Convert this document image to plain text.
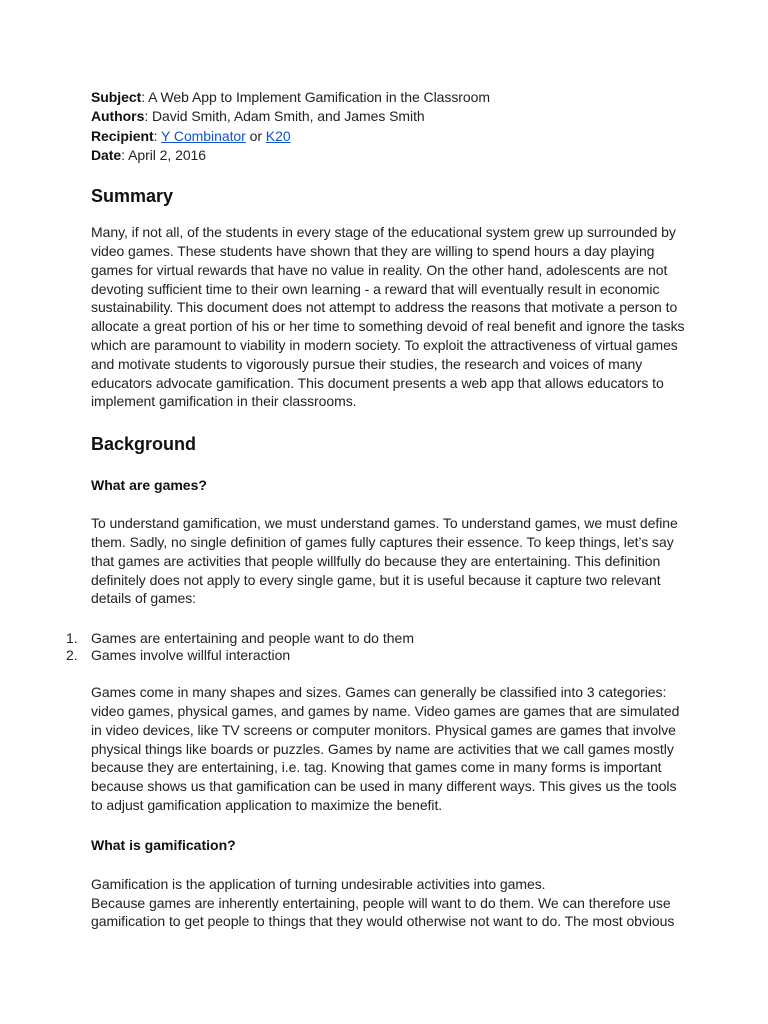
Subject: A Web App to Implement Gamification in the Classroom

Authors: David Smith, Adam Smith, and James Smith

Recipient: Y Combinator or K20

Date: April 2, 2016

Summary

Many, if not all, of the students in every stage of the educational system grew up surrounded by video games. These students have shown that they are willing to spend hours a day playing games for virtual rewards that have no value in reality. On the other hand, adolescents are not devoting sufficient time to their own learning - a reward that will eventually result in economic sustainability. This document does not attempt to address the reasons that motivate a person to allocate a great portion of his or her time to something devoid of real benefit and ignore the tasks which are paramount to viability in modern society. To exploit the attractiveness of virtual games and motivate students to vigorously pursue their studies, the research and voices of many educators advocate gamification. This document presents a web app that allows educators to implement gamification in their classrooms.

Background
What are games?

To understand gamification, we must understand games. To understand games, we must define them. Sadly, no single definition of games fully captures their essence. To keep things, let’s say that games are activities that people willfully do because they are entertaining. This definition definitely does not apply to every single game, but it is useful because it capture two relevant details of games:

1. Games are entertaining and people want to do them
2. Games involve willful interaction

Games come in many shapes and sizes. Games can generally be classified into 3 categories: video games, physical games, and games by name. Video games are games that are simulated in video devices, like TV screens or computer monitors. Physical games are games that involve physical things like boards or puzzles. Games by name are activities that we call games mostly because they are entertaining, i.e. tag. Knowing that games come in many forms is important because shows us that gamification can be used in many different ways. This gives us the tools to adjust gamification application to maximize the benefit.

What is gamification?

Gamification is the application of turning undesirable activities into games.

Because games are inherently entertaining, people will want to do them. We can therefore use gamification to get people to things that they would otherwise not want to do. The most obvious
